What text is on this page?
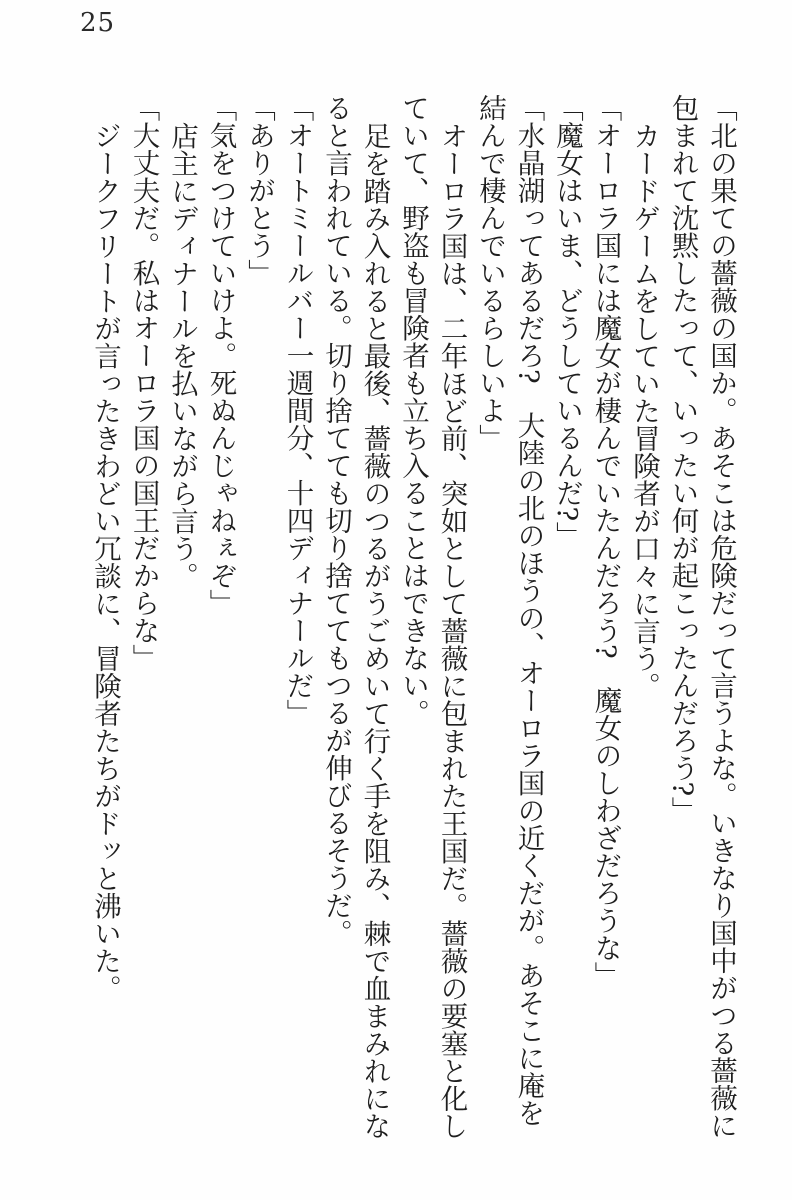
25

「北の果ての薔薇の国か。あそこは危険だって言うよな。いきなり国中がつる薔薇に包まれて沈黙したって、いったい何が起こったんだろう?」

カードゲームをしていた冒険者が口々に言う。

「オーロラ国には魔女が棲んでいたんだろう?　魔女のしわざだろうな」

「魔女はいま、どうしているんだ?」

「水晶湖ってあるだろ?　大陸の北のほうの、オーロラ国の近くだが。あそこに庵を結んで棲んでいるらしいよ」

オーロラ国は、二年ほど前、突如として薔薇に包まれた王国だ。薔薇の要塞と化していて、野盗も冒険者も立ち入ることはできない。

足を踏み入れると最後、薔薇のつるがうごめいて行く手を阻み、棘で血まみれになると言われている。切り捨てても切り捨ててもつるが伸びるそうだ。

「オートミールバー一週間分、十四ディナールだ」

「ありがとう」

「気をつけていけよ。死ぬんじゃねぇぞ」

店主にディナールを払いながら言う。

「大丈夫だ。私はオーロラ国の国王だからな」

ジークフリートが言ったきわどい冗談に、冒険者たちがドッと沸いた。
